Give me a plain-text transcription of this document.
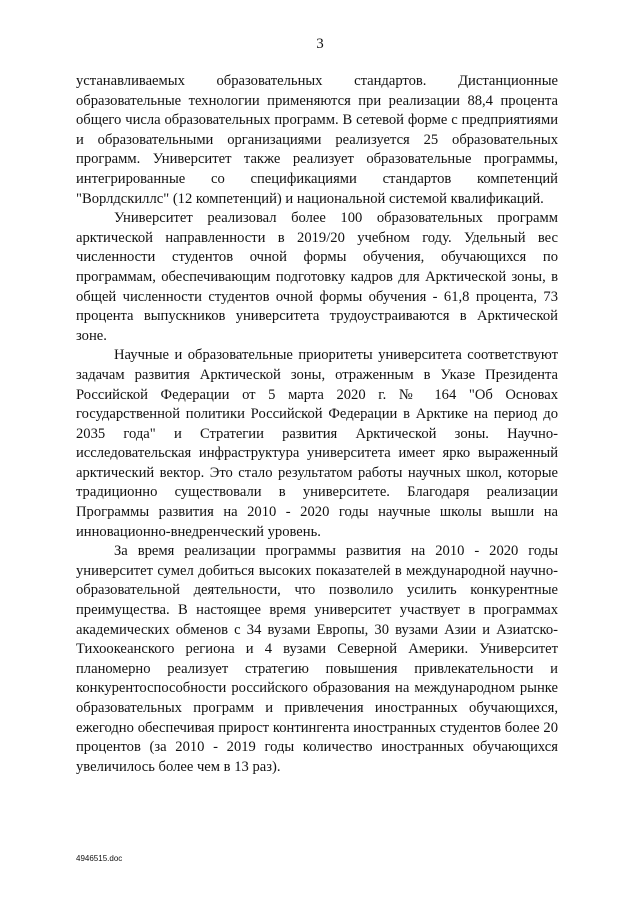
3

устанавливаемых образовательных стандартов. Дистанционные образовательные технологии применяются при реализации 88,4 процента общего числа образовательных программ. В сетевой форме с предприятиями и образовательными организациями реализуется 25 образовательных программ. Университет также реализует образовательные программы, интегрированные со спецификациями стандартов компетенций "Ворлдскиллс" (12 компетенций) и национальной системой квалификаций.

Университет реализовал более 100 образовательных программ арктической направленности в 2019/20 учебном году. Удельный вес численности студентов очной формы обучения, обучающихся по программам, обеспечивающим подготовку кадров для Арктической зоны, в общей численности студентов очной формы обучения - 61,8 процента, 73 процента выпускников университета трудоустраиваются в Арктической зоне.

Научные и образовательные приоритеты университета соответствуют задачам развития Арктической зоны, отраженным в Указе Президента Российской Федерации от 5 марта 2020 г. № 164 "Об Основах государственной политики Российской Федерации в Арктике на период до 2035 года" и Стратегии развития Арктической зоны. Научно-исследовательская инфраструктура университета имеет ярко выраженный арктический вектор. Это стало результатом работы научных школ, которые традиционно существовали в университете. Благодаря реализации Программы развития на 2010 - 2020 годы научные школы вышли на инновационно-внедренческий уровень.

За время реализации программы развития на 2010 - 2020 годы университет сумел добиться высоких показателей в международной научно-образовательной деятельности, что позволило усилить конкурентные преимущества. В настоящее время университет участвует в программах академических обменов с 34 вузами Европы, 30 вузами Азии и Азиатско-Тихоокеанского региона и 4 вузами Северной Америки. Университет планомерно реализует стратегию повышения привлекательности и конкурентоспособности российского образования на международном рынке образовательных программ и привлечения иностранных обучающихся, ежегодно обеспечивая прирост контингента иностранных студентов более 20 процентов (за 2010 - 2019 годы количество иностранных обучающихся увеличилось более чем в 13 раз).

4946515.doc
